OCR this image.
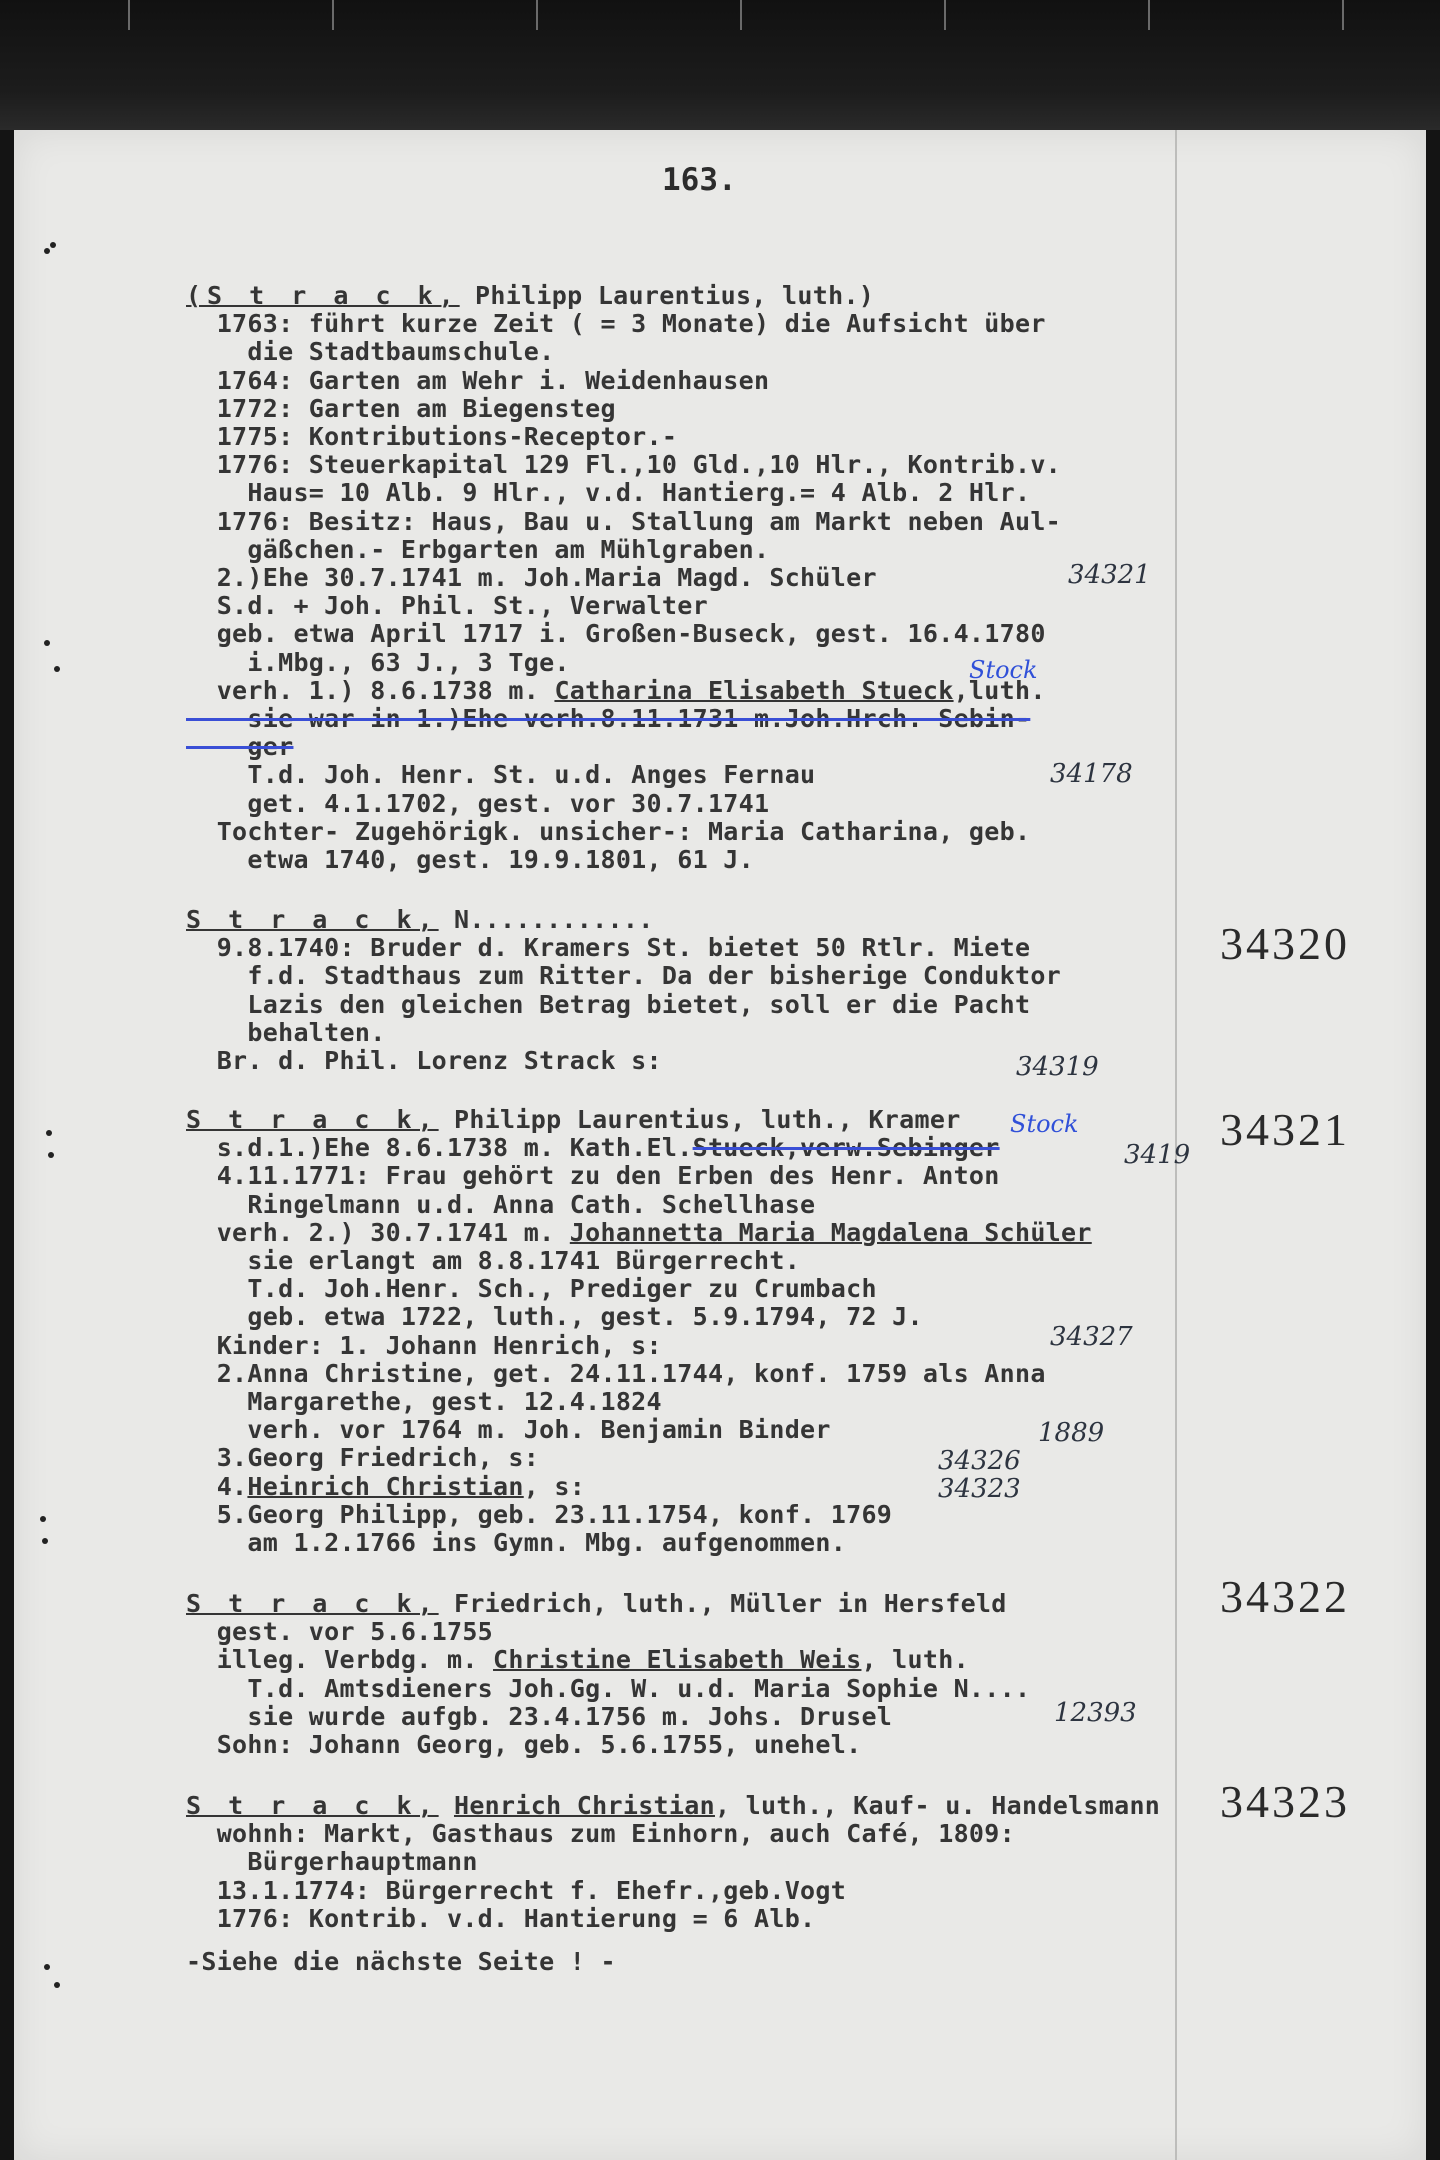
163.
(S t r a c k, Philipp Laurentius, luth.)
1763: führt kurze Zeit ( = 3 Monate) die Aufsicht über
die Stadtbaumschule.
1764: Garten am Wehr i. Weidenhausen
1772: Garten am Biegensteg
1775: Kontributions-Receptor.-
1776: Steuerkapital 129 Fl.,10 Gld.,10 Hlr., Kontrib.v.
Haus= 10 Alb. 9 Hlr., v.d. Hantierg.= 4 Alb. 2 Hlr.
1776: Besitz: Haus, Bau u. Stallung am Markt neben Aul-
gäßchen.- Erbgarten am Mühlgraben.
2.)Ehe 30.7.1741 m. Joh.Maria Magd. Schüler
S.d. + Joh. Phil. St., Verwalter
geb. etwa April 1717 i. Großen-Buseck, gest. 16.4.1780
i.Mbg., 63 J., 3 Tge.
verh. 1.) 8.6.1738 m. Catharina Elisabeth Stueck,luth.
sie war in 1.)Ehe verh.8.11.1731 m.Joh.Hrch. Sebin-
ger
T.d. Joh. Henr. St. u.d. Anges Fernau
get. 4.1.1702, gest. vor 30.7.1741
Tochter- Zugehörigk. unsicher-: Maria Catharina, geb.
etwa 1740, gest. 19.9.1801, 61 J.
S t r a c k, N............
9.8.1740: Bruder d. Kramers St. bietet 50 Rtlr. Miete
f.d. Stadthaus zum Ritter. Da der bisherige Conduktor
Lazis den gleichen Betrag bietet, soll er die Pacht
behalten.
Br. d. Phil. Lorenz Strack s:
S t r a c k, Philipp Laurentius, luth., Kramer
s.d.1.)Ehe 8.6.1738 m. Kath.El.Stueck,verw.Sebinger
4.11.1771: Frau gehört zu den Erben des Henr. Anton
Ringelmann u.d. Anna Cath. Schellhase
verh. 2.) 30.7.1741 m. Johannetta Maria Magdalena Schüler
sie erlangt am 8.8.1741 Bürgerrecht.
T.d. Joh.Henr. Sch., Prediger zu Crumbach
geb. etwa 1722, luth., gest. 5.9.1794, 72 J.
Kinder: 1. Johann Henrich, s:
2.Anna Christine, get. 24.11.1744, konf. 1759 als Anna
Margarethe, gest. 12.4.1824
verh. vor 1764 m. Joh. Benjamin Binder
3.Georg Friedrich, s:
4.Heinrich Christian, s:
5.Georg Philipp, geb. 23.11.1754, konf. 1769
am 1.2.1766 ins Gymn. Mbg. aufgenommen.
S t r a c k, Friedrich, luth., Müller in Hersfeld
gest. vor 5.6.1755
illeg. Verbdg. m. Christine Elisabeth Weis, luth.
T.d. Amtsdieners Joh.Gg. W. u.d. Maria Sophie N....
sie wurde aufgb. 23.4.1756 m. Johs. Drusel
Sohn: Johann Georg, geb. 5.6.1755, unehel.
S t r a c k, Henrich Christian, luth., Kauf- u. Handelsmann
wohnh: Markt, Gasthaus zum Einhorn, auch Café, 1809:
Bürgerhauptmann
13.1.1774: Bürgerrecht f. Ehefr.,geb.Vogt
1776: Kontrib. v.d. Hantierung = 6 Alb.
-Siehe die nächste Seite ! -
34320
34321
34322
34323
34321
Stock
34178
34319
Stock
3419
34327
1889
34326
34323
12393
